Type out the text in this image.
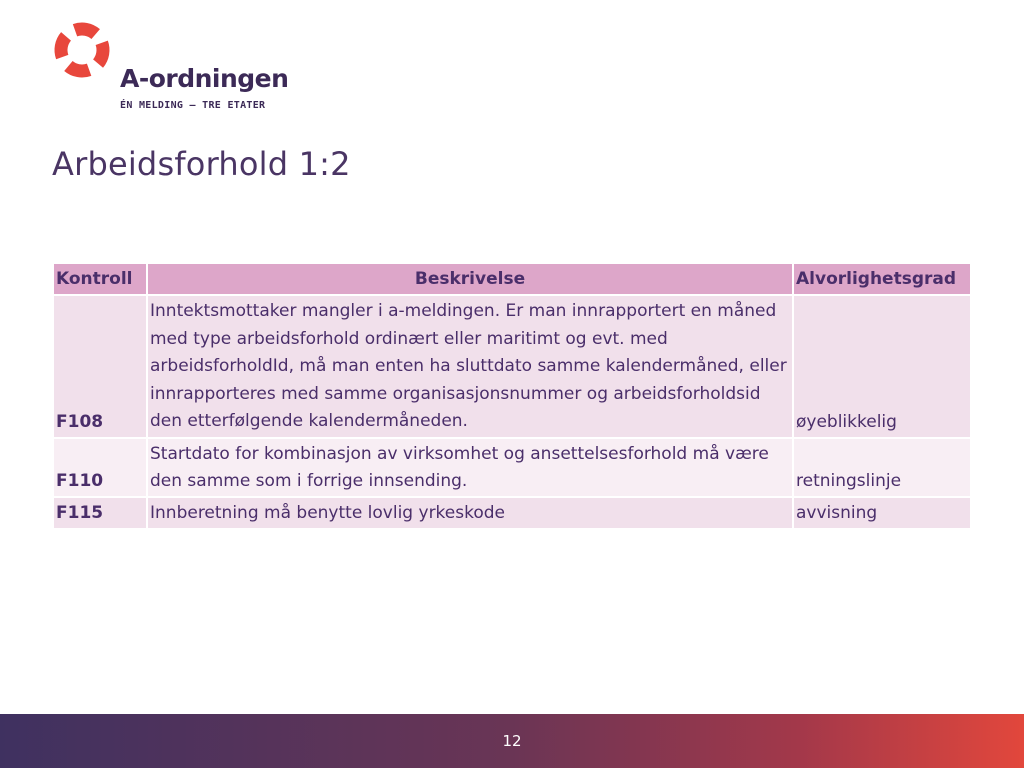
A-ordningen
ÉN MELDING – TRE ETATER
Arbeidsforhold 1:2
Kontroll	Beskrivelse	Alvorlighetsgrad
F108	Inntektsmottaker mangler i a-meldingen. Er man innrapportert en måned med type arbeidsforhold ordinært eller maritimt og evt. med arbeidsforholdId, må man enten ha sluttdato samme kalendermåned, eller innrapporteres med samme organisasjonsnummer og arbeidsforholdsid den etterfølgende kalendermåneden.	øyeblikkelig
F110	Startdato for kombinasjon av virksomhet og ansettelsesforhold må være den samme som i forrige innsending.	retningslinje
F115	Innberetning må benytte lovlig yrkeskode	avvisning
12
